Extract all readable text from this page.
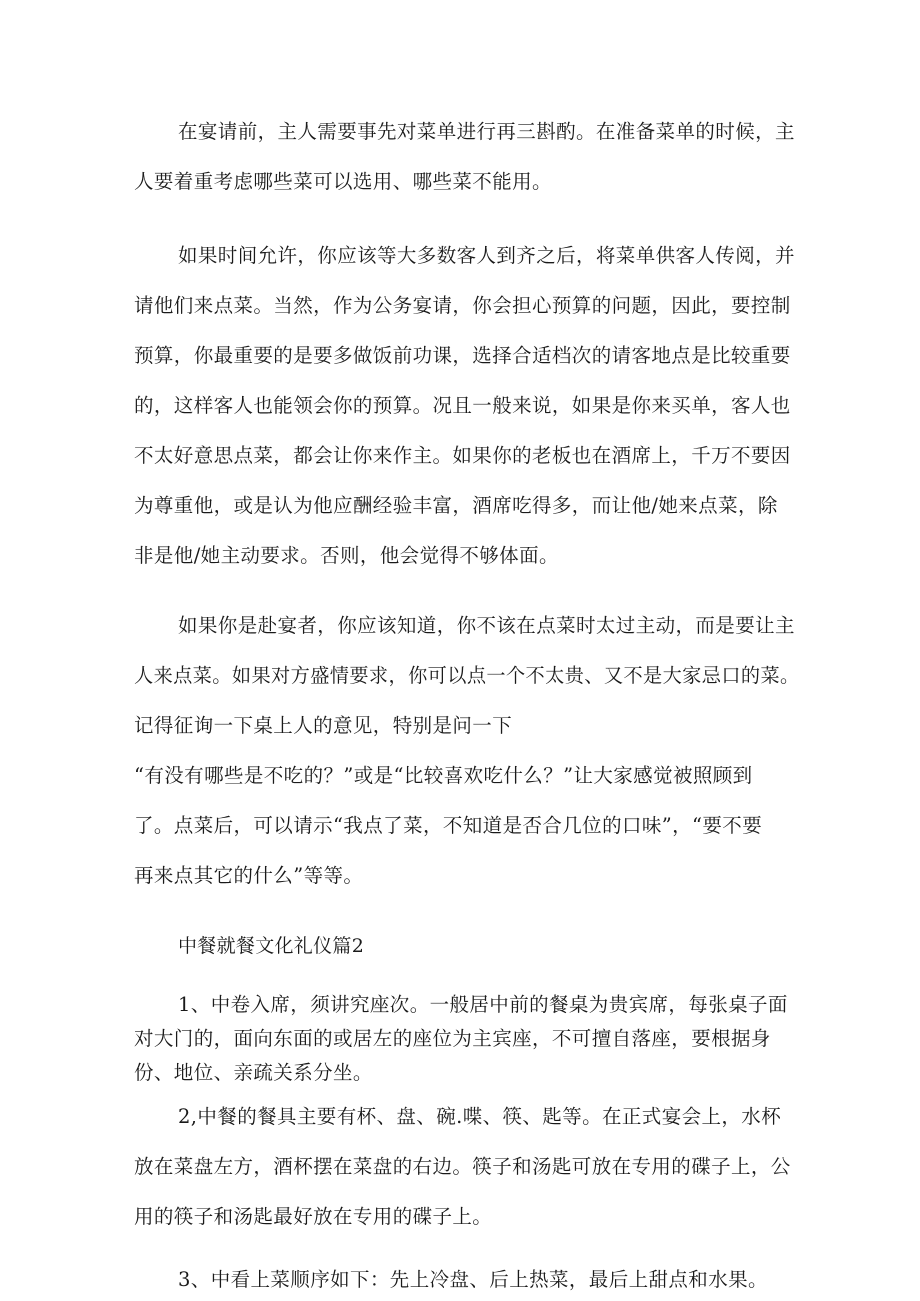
在宴请前，主人需要事先对菜单进行再三斟酌。在准备菜单的时候，主
人要着重考虑哪些菜可以选用、哪些菜不能用。
如果时间允许，你应该等大多数客人到齐之后，将菜单供客人传阅，并
请他们来点菜。当然，作为公务宴请，你会担心预算的问题，因此，要控制
预算，你最重要的是要多做饭前功课，选择合适档次的请客地点是比较重要
的，这样客人也能领会你的预算。况且一般来说，如果是你来买单，客人也
不太好意思点菜，都会让你来作主。如果你的老板也在酒席上，千万不要因
为尊重他，或是认为他应酬经验丰富，酒席吃得多，而让他/她来点菜，除
非是他/她主动要求。否则，他会觉得不够体面。
如果你是赴宴者，你应该知道，你不该在点菜时太过主动，而是要让主
人来点菜。如果对方盛情要求，你可以点一个不太贵、又不是大家忌口的菜。
记得征询一下桌上人的意见，特别是问一下
“有没有哪些是不吃的？”或是“比较喜欢吃什么？”让大家感觉被照顾到
了。点菜后，可以请示“我点了菜，不知道是否合几位的口味”，“要不要
再来点其它的什么”等等。
中餐就餐文化礼仪篇2
1、中卷入席，须讲究座次。一般居中前的餐桌为贵宾席，每张桌子面
对大门的，面向东面的或居左的座位为主宾座，不可擅自落座，要根据身
份、地位、亲疏关系分坐。
2,中餐的餐具主要有杯、盘、碗.喋、筷、匙等。在正式宴会上，水杯
放在菜盘左方，酒杯摆在菜盘的右边。筷子和汤匙可放在专用的碟子上，公
用的筷子和汤匙最好放在专用的碟子上。
3、中看上菜顺序如下：先上冷盘、后上热菜，最后上甜点和水果。
